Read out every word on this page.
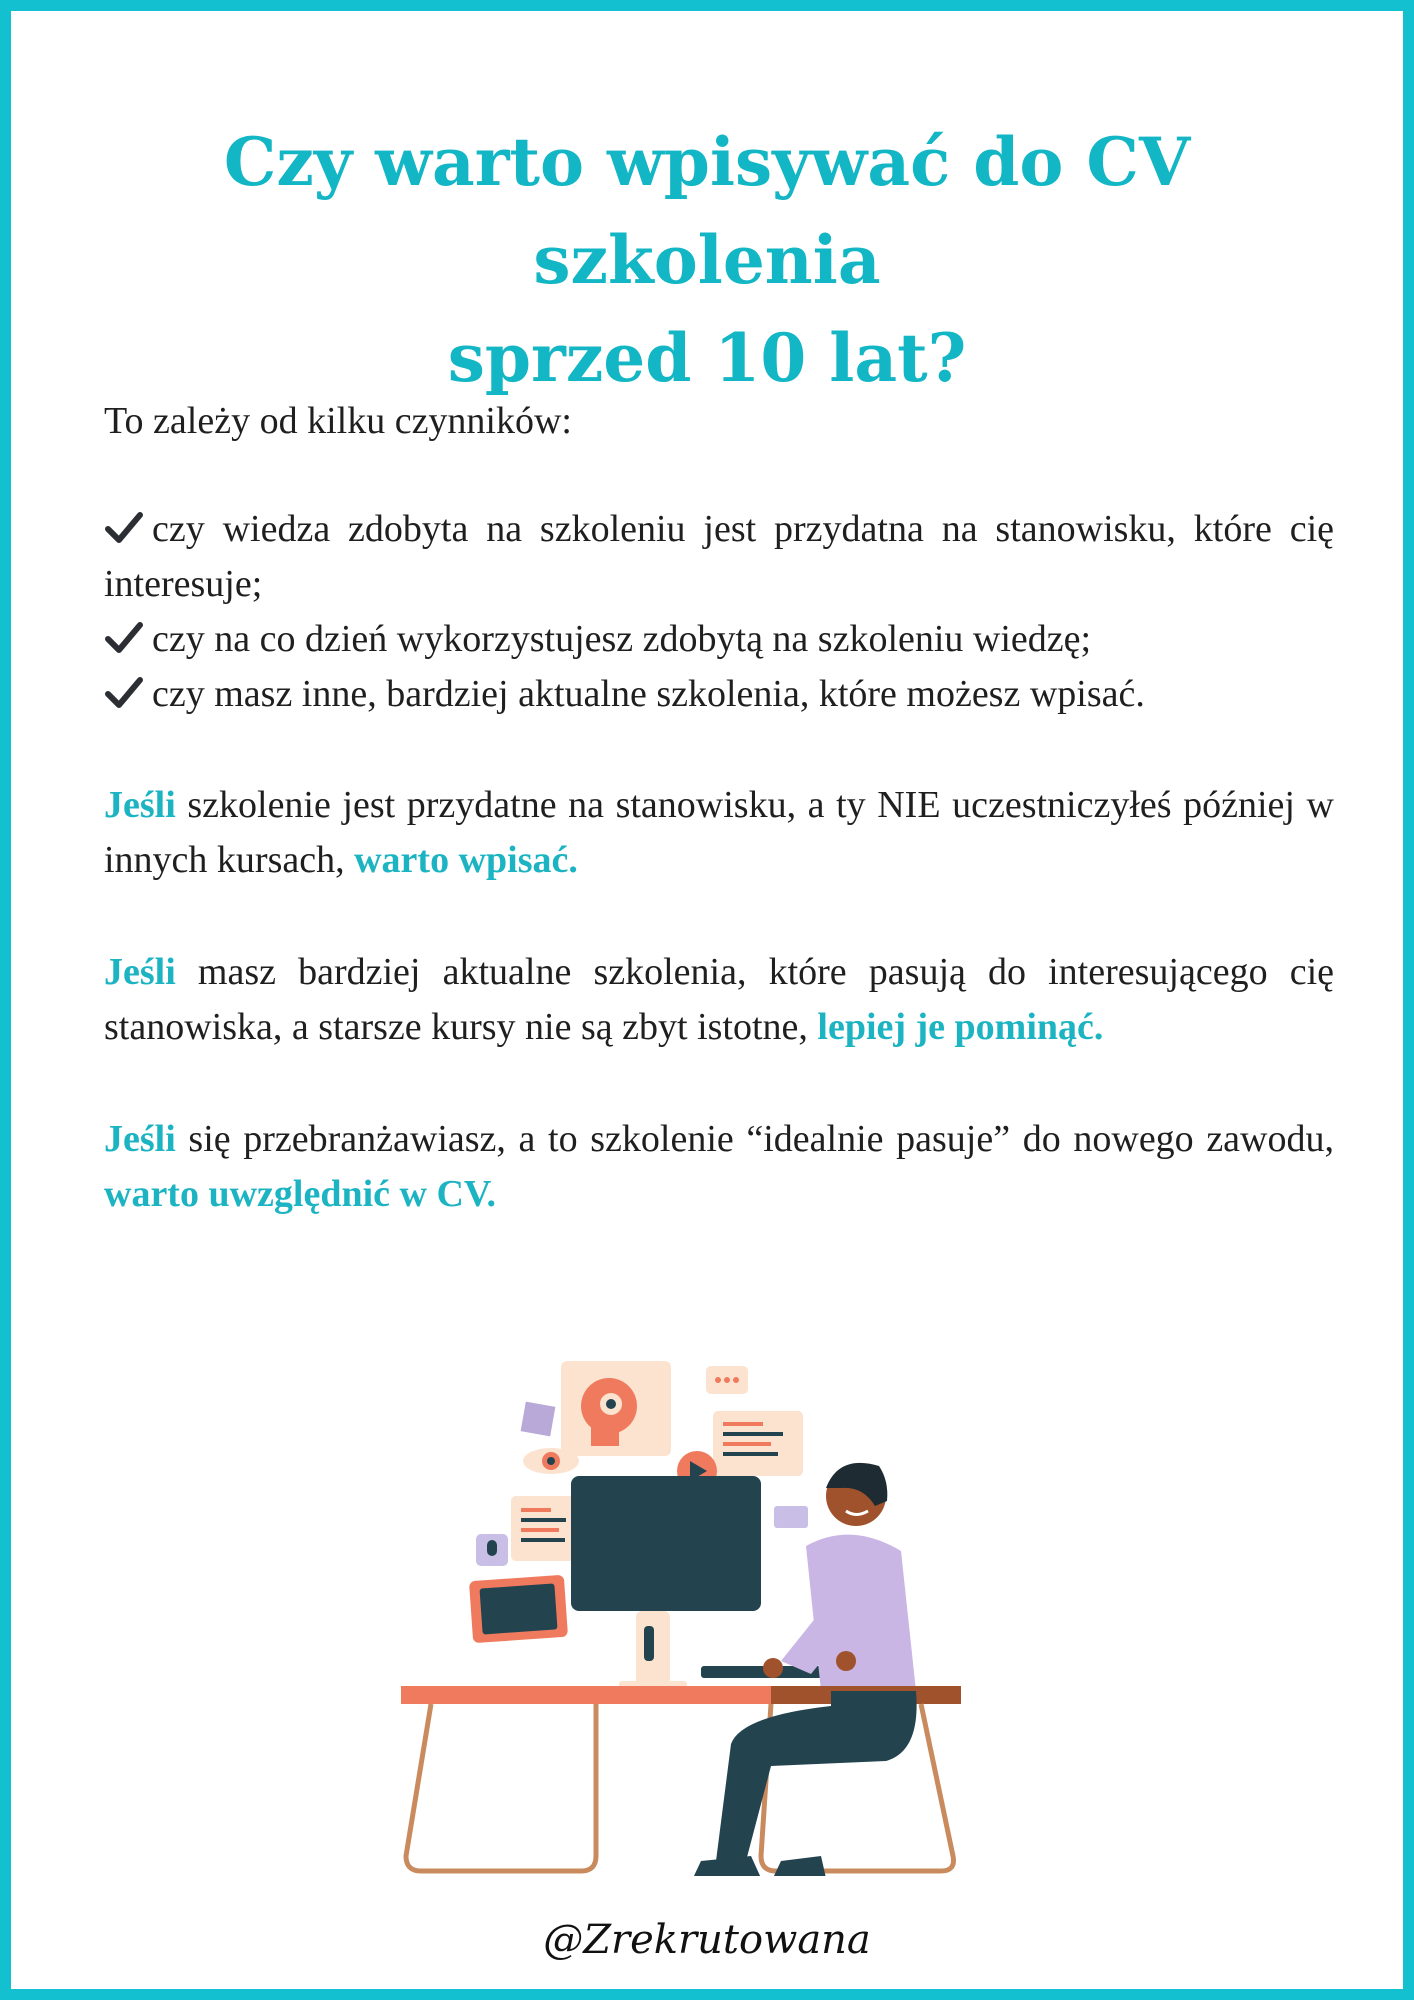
Czy warto wpisywać do CV szkolenia
sprzed 10 lat?
To zależy od kilku czynników:
czy wiedza zdobyta na szkoleniu jest przydatna na stanowisku, które cię interesuje;
czy na co dzień wykorzystujesz zdobytą na szkoleniu wiedzę;
czy masz inne, bardziej aktualne szkolenia, które możesz wpisać.

Jeśli szkolenie jest przydatne na stanowisku, a ty NIE uczestniczyłeś później w innych kursach, warto wpisać.

Jeśli masz bardziej aktualne szkolenia, które pasują do interesującego cię stanowiska, a starsze kursy nie są zbyt istotne, lepiej je pominąć.

Jeśli się przebranżawiasz, a to szkolenie “idealnie pasuje” do nowego zawodu, warto uwzględnić w CV.

@Zrekrutowana
